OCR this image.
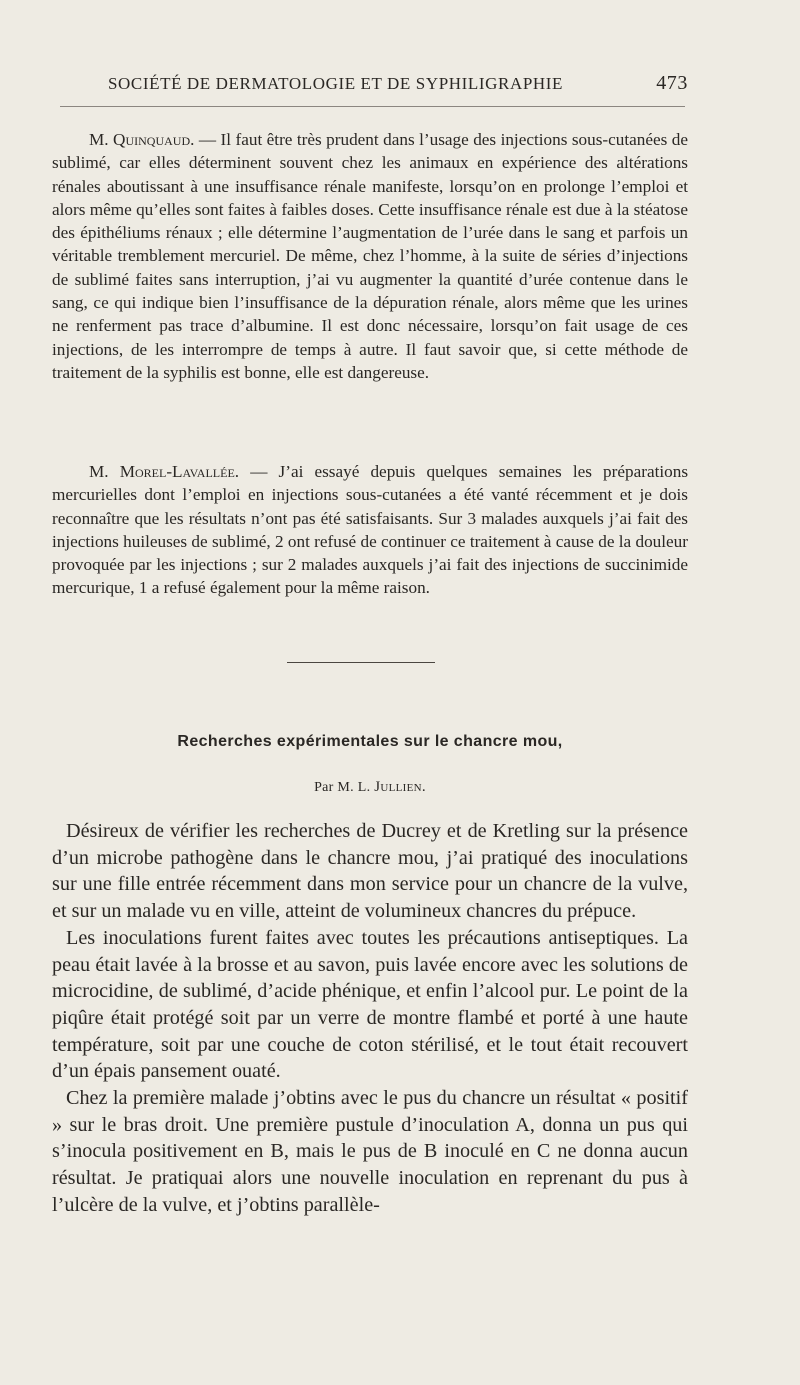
SOCIÉTÉ DE DERMATOLOGIE ET DE SYPHILIGRAPHIE	473

M. Quinquaud. — Il faut être très prudent dans l’usage des injections sous-cutanées de sublimé, car elles déterminent souvent chez les animaux en expérience des altérations rénales aboutissant à une insuffisance rénale manifeste, lorsqu’on en prolonge l’emploi et alors même qu’elles sont faites à faibles doses. Cette insuffisance rénale est due à la stéatose des épithéliums rénaux ; elle détermine l’augmentation de l’urée dans le sang et parfois un véritable tremblement mercuriel. De même, chez l’homme, à la suite de séries d’injections de sublimé faites sans interruption, j’ai vu augmenter la quantité d’urée contenue dans le sang, ce qui indique bien l’insuffisance de la dépuration rénale, alors même que les urines ne renferment pas trace d’albumine. Il est donc nécessaire, lorsqu’on fait usage de ces injections, de les interrompre de temps à autre. Il faut savoir que, si cette méthode de traitement de la syphilis est bonne, elle est dangereuse.

M. Morel-Lavallée. — J’ai essayé depuis quelques semaines les préparations mercurielles dont l’emploi en injections sous-cutanées a été vanté récemment et je dois reconnaître que les résultats n’ont pas été satisfaisants. Sur 3 malades auxquels j’ai fait des injections huileuses de sublimé, 2 ont refusé de continuer ce traitement à cause de la douleur provoquée par les injections ; sur 2 malades auxquels j’ai fait des injections de succinimide mercurique, 1 a refusé également pour la même raison.

Recherches expérimentales sur le chancre mou,
Par M. L. Jullien.

Désireux de vérifier les recherches de Ducrey et de Kretling sur la présence d’un microbe pathogène dans le chancre mou, j’ai pratiqué des inoculations sur une fille entrée récemment dans mon service pour un chancre de la vulve, et sur un malade vu en ville, atteint de volumineux chancres du prépuce.

Les inoculations furent faites avec toutes les précautions antiseptiques. La peau était lavée à la brosse et au savon, puis lavée encore avec les solutions de microcidine, de sublimé, d’acide phénique, et enfin l’alcool pur. Le point de la piqûre était protégé soit par un verre de montre flambé et porté à une haute température, soit par une couche de coton stérilisé, et le tout était recouvert d’un épais pansement ouaté.

Chez la première malade j’obtins avec le pus du chancre un résultat « positif » sur le bras droit. Une première pustule d’inoculation A, donna un pus qui s’inocula positivement en B, mais le pus de B inoculé en C ne donna aucun résultat. Je pratiquai alors une nouvelle inoculation en reprenant du pus à l’ulcère de la vulve, et j’obtins parallèle-
